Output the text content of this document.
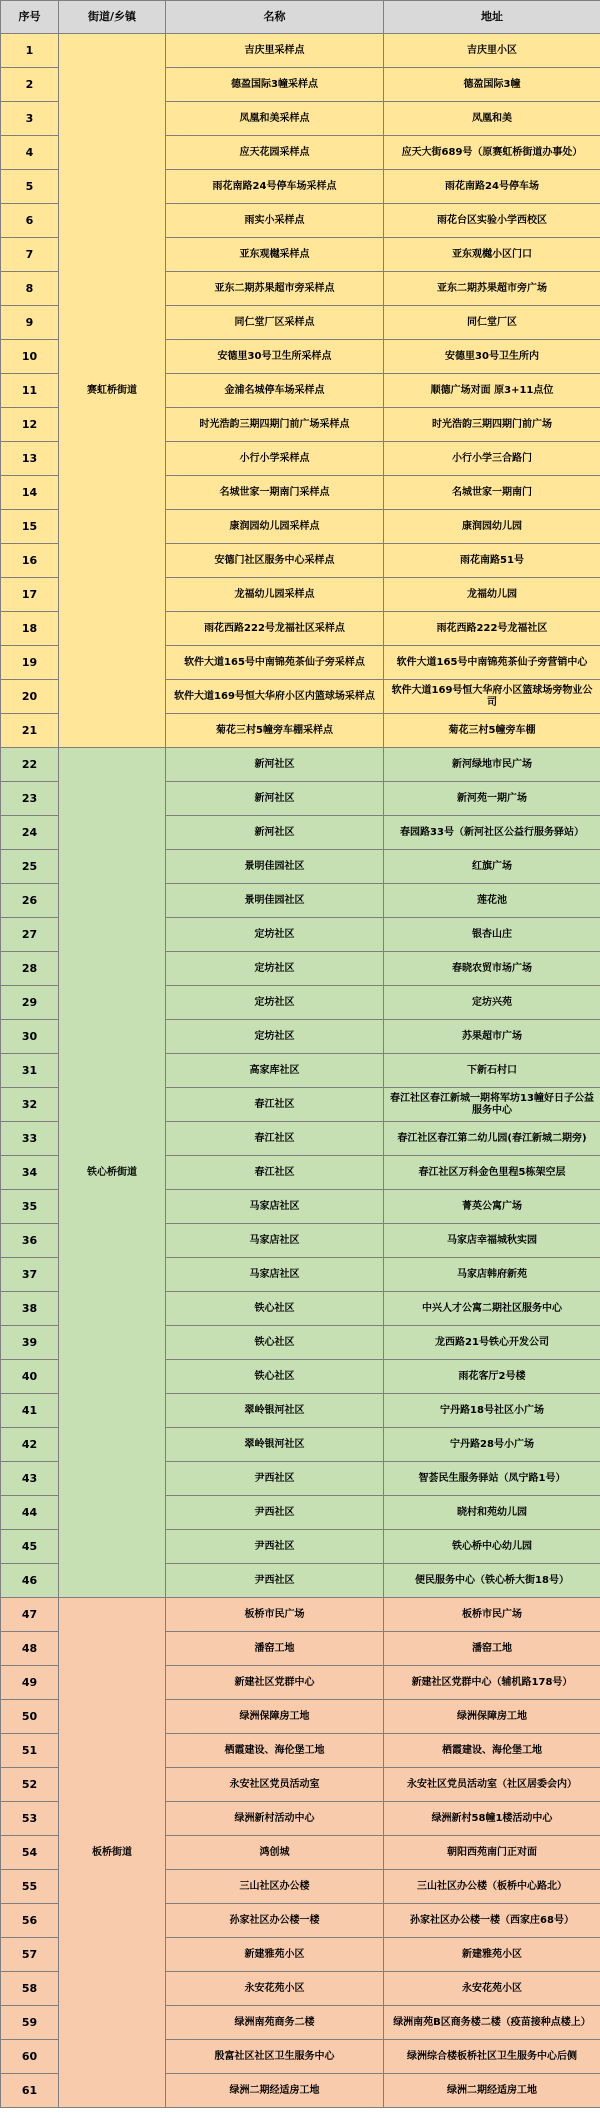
序号	街道/乡镇	名称	地址
1	赛虹桥街道	吉庆里采样点	吉庆里小区
2		德盈国际3幢采样点	德盈国际3幢
3		凤凰和美采样点	凤凰和美
4		应天花园采样点	应天大街689号（原赛虹桥街道办事处）
5		雨花南路24号停车场采样点	雨花南路24号停车场
6		雨实小采样点	雨花台区实验小学西校区
7		亚东观樾采样点	亚东观樾小区门口
8		亚东二期苏果超市旁采样点	亚东二期苏果超市旁广场
9		同仁堂厂区采样点	同仁堂厂区
10		安德里30号卫生所采样点	安德里30号卫生所内
11		金浦名城停车场采样点	顺德广场对面 原3+11点位
12		时光浩韵三期四期门前广场采样点	时光浩韵三期四期门前广场
13		小行小学采样点	小行小学三合路门
14		名城世家一期南门采样点	名城世家一期南门
15		康润园幼儿园采样点	康润园幼儿园
16		安德门社区服务中心采样点	雨花南路51号
17		龙福幼儿园采样点	龙福幼儿园
18		雨花西路222号龙福社区采样点	雨花西路222号龙福社区
19		软件大道165号中南锦苑茶仙子旁采样点	软件大道165号中南锦苑茶仙子旁营销中心
20		软件大道169号恒大华府小区内篮球场采样点	软件大道169号恒大华府小区篮球场旁物业公司
21		菊花三村5幢旁车棚采样点	菊花三村5幢旁车棚
22	铁心桥街道	新河社区	新河绿地市民广场
23		新河社区	新河苑一期广场
24		新河社区	春园路33号（新河社区公益行服务驿站）
25		景明佳园社区	红旗广场
26		景明佳园社区	莲花池
27		定坊社区	银杏山庄
28		定坊社区	春晓农贸市场广场
29		定坊社区	定坊兴苑
30		定坊社区	苏果超市广场
31		高家库社区	下新石村口
32		春江社区	春江社区春江新城一期将军坊13幢好日子公益服务中心
33		春江社区	春江社区春江第二幼儿园(春江新城二期旁)
34		春江社区	春江社区万科金色里程5栋架空层
35		马家店社区	菁英公寓广场
36		马家店社区	马家店幸福城秋实园
37		马家店社区	马家店韩府新苑
38		铁心社区	中兴人才公寓二期社区服务中心
39		铁心社区	龙西路21号铁心开发公司
40		铁心社区	雨花客厅2号楼
41		翠岭银河社区	宁丹路18号社区小广场
42		翠岭银河社区	宁丹路28号小广场
43		尹西社区	智荟民生服务驿站（凤宁路1号）
44		尹西社区	晓村和苑幼儿园
45		尹西社区	铁心桥中心幼儿园
46		尹西社区	便民服务中心（铁心桥大街18号）
47	板桥街道	板桥市民广场	板桥市民广场
48		潘窑工地	潘窑工地
49		新建社区党群中心	新建社区党群中心（辅机路178号）
50		绿洲保障房工地	绿洲保障房工地
51		栖霞建设、海伦堡工地	栖霞建设、海伦堡工地
52		永安社区党员活动室	永安社区党员活动室（社区居委会内）
53		绿洲新村活动中心	绿洲新村58幢1楼活动中心
54		鸿创城	朝阳西苑南门正对面
55		三山社区办公楼	三山社区办公楼（板桥中心路北）
56		孙家社区办公楼一楼	孙家社区办公楼一楼（西家庄68号）
57		新建雅苑小区	新建雅苑小区
58		永安花苑小区	永安花苑小区
59		绿洲南苑商务二楼	绿洲南苑B区商务楼二楼（疫苗接种点楼上）
60		殷富社区社区卫生服务中心	绿洲综合楼板桥社区卫生服务中心后侧
61		绿洲二期经适房工地	绿洲二期经适房工地
